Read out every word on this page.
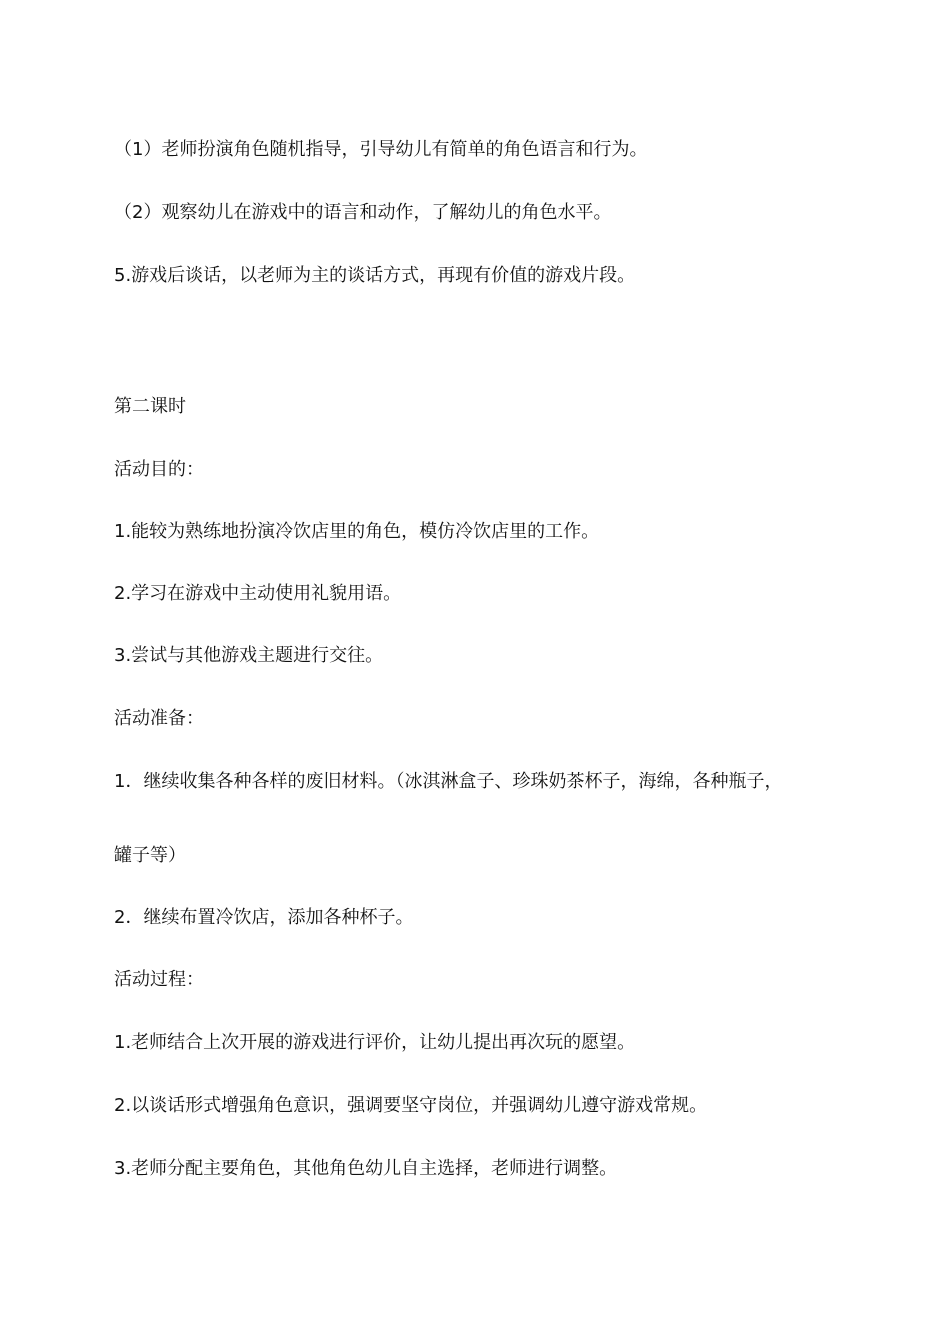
（1）老师扮演角色随机指导，引导幼儿有简单的角色语言和行为。
（2）观察幼儿在游戏中的语言和动作，了解幼儿的角色水平。
5.游戏后谈话，以老师为主的谈话方式，再现有价值的游戏片段。
第二课时
活动目的：
1.能较为熟练地扮演冷饮店里的角色，模仿冷饮店里的工作。
2.学习在游戏中主动使用礼貌用语。
3.尝试与其他游戏主题进行交往。
活动准备：
1．继续收集各种各样的废旧材料。（冰淇淋盒子、珍珠奶茶杯子，海绵，各种瓶子，
罐子等）
2．继续布置冷饮店，添加各种杯子。
活动过程：
1.老师结合上次开展的游戏进行评价，让幼儿提出再次玩的愿望。
2.以谈话形式增强角色意识，强调要坚守岗位，并强调幼儿遵守游戏常规。
3.老师分配主要角色，其他角色幼儿自主选择，老师进行调整。
